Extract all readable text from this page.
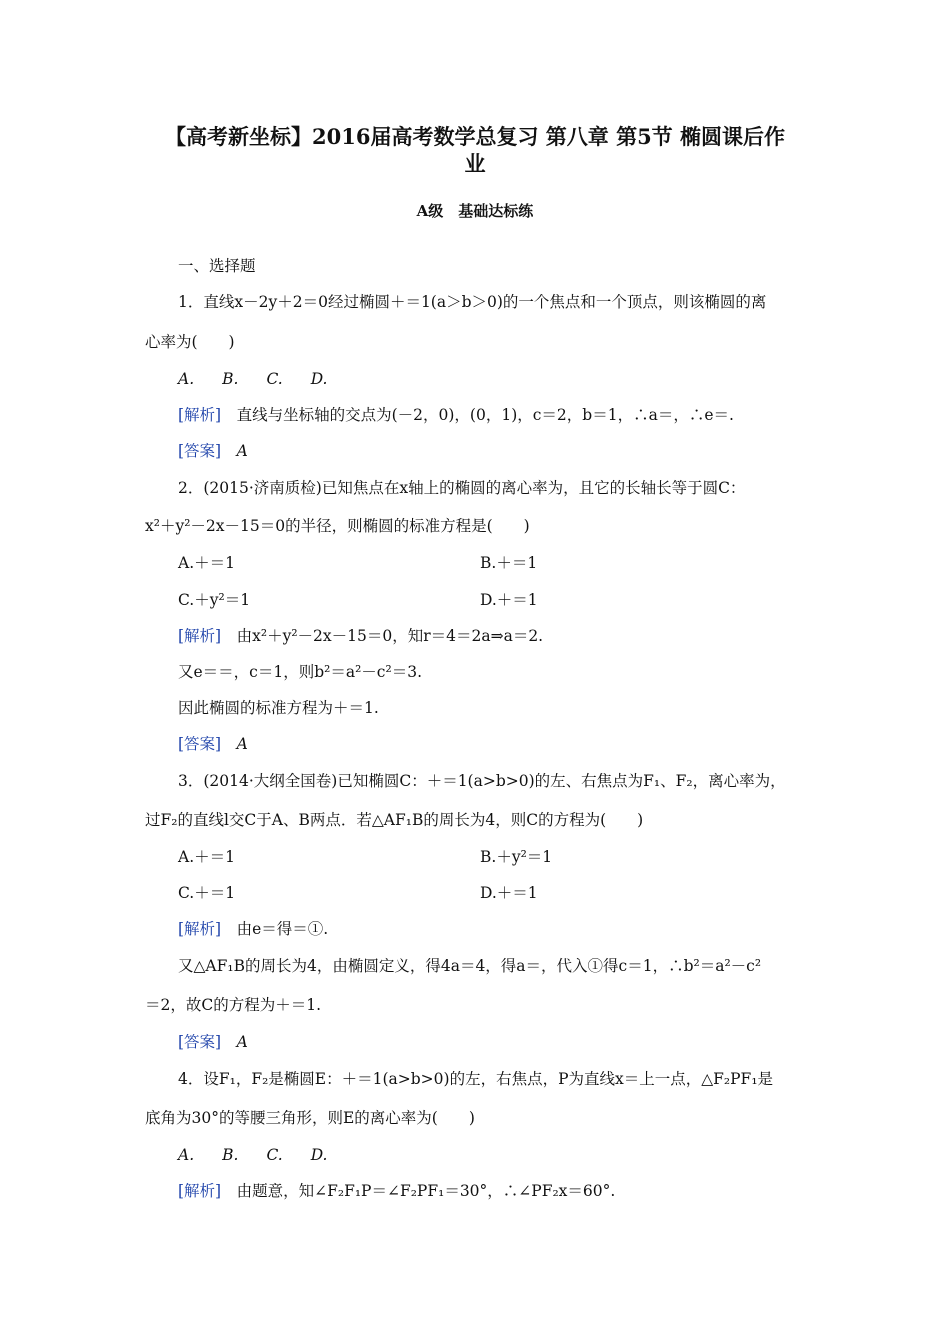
【高考新坐标】2016届高考数学总复习 第八章 第5节 椭圆课后作
业
A级　基础达标练
一、选择题
1．直线x－2y＋2＝0经过椭圆＋＝1(a＞b＞0)的一个焦点和一个顶点，则该椭圆的离
心率为(　　)
A. B. C. D.
[解析]　直线与坐标轴的交点为(－2，0)，(0，1)，c＝2，b＝1，∴a＝，∴e＝.
[答案]　A
2．(2015·济南质检)已知焦点在x轴上的椭圆的离心率为，且它的长轴长等于圆C：
x²＋y²－2x－15＝0的半径，则椭圆的标准方程是(　　)
A.＋＝1	B.＋＝1
C.＋y²＝1	D.＋＝1
[解析]　由x²＋y²－2x－15＝0，知r＝4＝2a⇒a＝2.
又e＝＝，c＝1，则b²＝a²－c²＝3.
因此椭圆的标准方程为＋＝1.
[答案]　A
3．(2014·大纲全国卷)已知椭圆C：＋＝1(a>b>0)的左、右焦点为F₁、F₂，离心率为，
过F₂的直线l交C于A、B两点．若△AF₁B的周长为4，则C的方程为(　　)
A.＋＝1	B.＋y²＝1
C.＋＝1	D.＋＝1
[解析]　由e＝得＝①.
又△AF₁B的周长为4，由椭圆定义，得4a＝4，得a＝，代入①得c＝1，∴b²＝a²－c²
＝2，故C的方程为＋＝1.
[答案]　A
4．设F₁，F₂是椭圆E：＋＝1(a>b>0)的左，右焦点，P为直线x＝上一点，△F₂PF₁是
底角为30°的等腰三角形，则E的离心率为(　　)
A. B. C. D.
[解析]　由题意，知∠F₂F₁P＝∠F₂PF₁＝30°，∴∠PF₂x＝60°.
